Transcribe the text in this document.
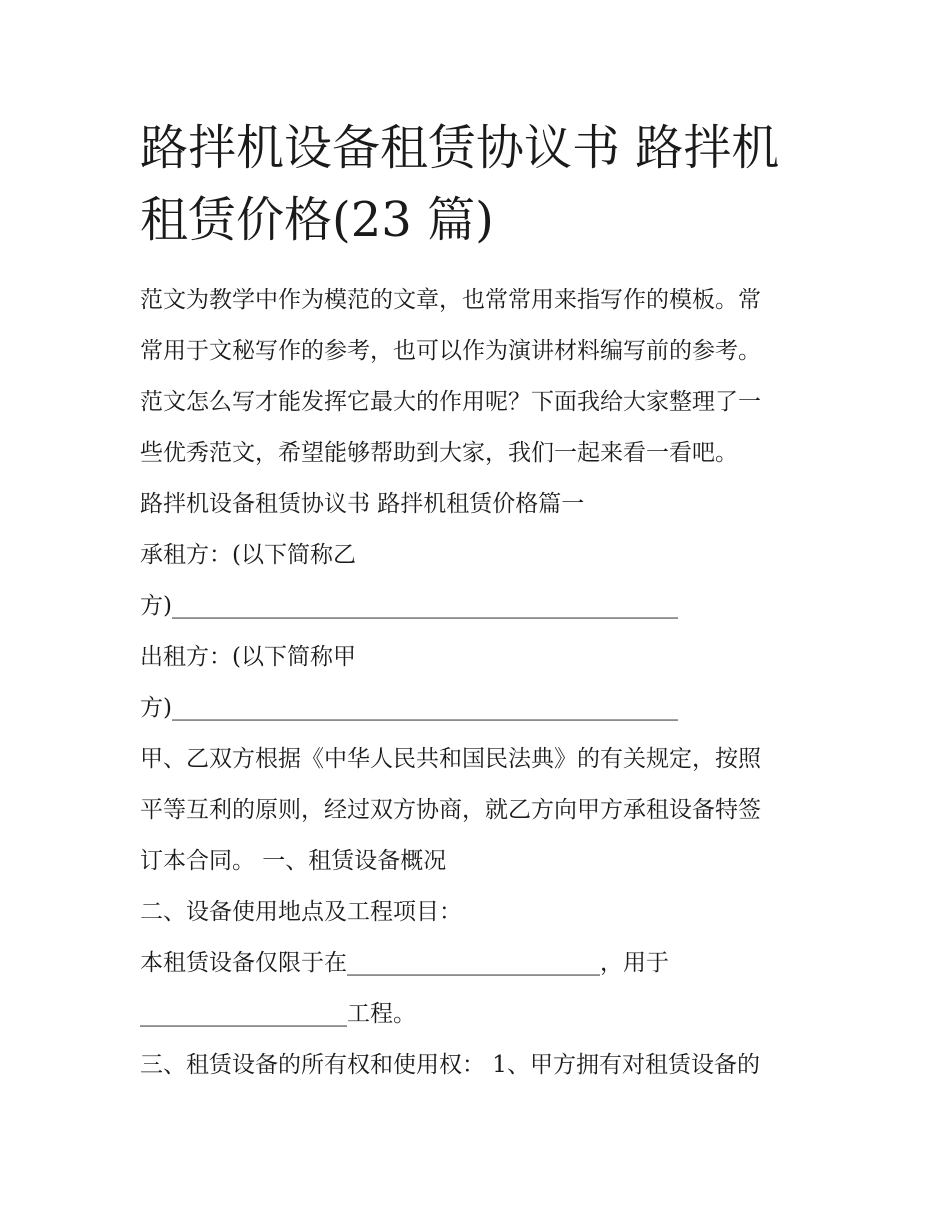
路拌机设备租赁协议书 路拌机
租赁价格(23 篇)

范文为教学中作为模范的文章，也常常用来指写作的模板。常

常用于文秘写作的参考，也可以作为演讲材料编写前的参考。

范文怎么写才能发挥它最大的作用呢？下面我给大家整理了一

些优秀范文，希望能够帮助到大家，我们一起来看一看吧。

路拌机设备租赁协议书 路拌机租赁价格篇一

承租方：(以下简称乙

方)____________________________________________

出租方：(以下简称甲

方)____________________________________________

甲、乙双方根据《中华人民共和国民法典》的有关规定，按照

平等互利的原则，经过双方协商，就乙方向甲方承租设备特签

订本合同。 一、租赁设备概况

二、设备使用地点及工程项目：

本租赁设备仅限于在______________________，用于

__________________工程。

三、租赁设备的所有权和使用权： 1、甲方拥有对租赁设备的
